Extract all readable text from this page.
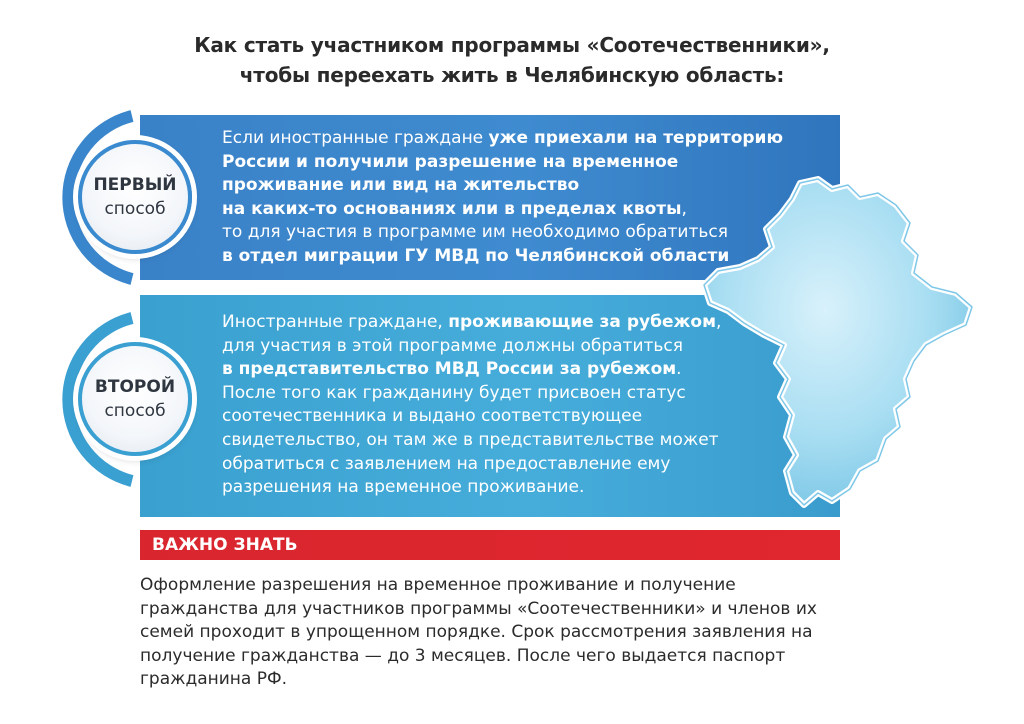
Как стать участником программы «Соотечественники»,
чтобы переехать жить в Челябинскую область:
Если иностранные граждане уже приехали на территорию
России и получили разрешение на временное
проживание или вид на жительство
на каких-то основаниях или в пределах квоты,
то для участия в программе им необходимо обратиться
в отдел миграции ГУ МВД по Челябинской области
Иностранные граждане, проживающие за рубежом,
для участия в этой программе должны обратиться
в представительство МВД России за рубежом.
После того как гражданину будет присвоен статус
соотечественника и выдано соответствующее
свидетельство, он там же в представительстве может
обратиться с заявлением на предоставление ему
разрешения на временное проживание.
ПЕРВЫЙ
способ
ВТОРОЙ
способ
ВАЖНО ЗНАТЬ
Оформление разрешения на временное проживание и получение
гражданства для участников программы «Соотечественники» и членов их
семей проходит в упрощенном порядке. Срок рассмотрения заявления на
получение гражданства — до 3 месяцев. После чего выдается паспорт
гражданина РФ.
